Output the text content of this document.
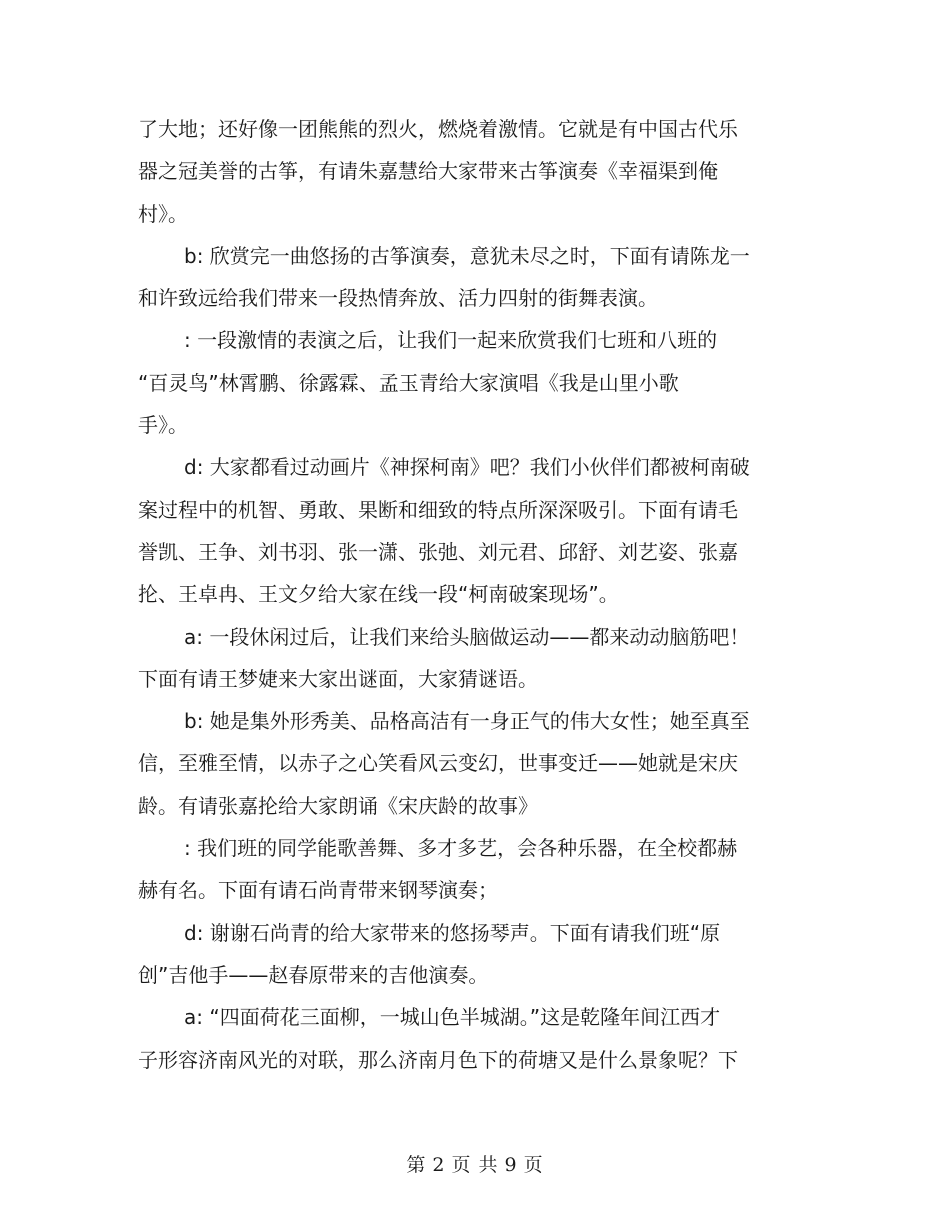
了大地；还好像一团熊熊的烈火，燃烧着激情。它就是有中国古代乐
器之冠美誉的古筝，有请朱嘉慧给大家带来古筝演奏《幸福渠到俺
村》。

b: 欣赏完一曲悠扬的古筝演奏，意犹未尽之时，下面有请陈龙一
和许致远给我们带来一段热情奔放、活力四射的街舞表演。

: 一段激情的表演之后，让我们一起来欣赏我们七班和八班的
“百灵鸟”林霄鹏、徐露霖、孟玉青给大家演唱《我是山里小歌
手》。

d: 大家都看过动画片《神探柯南》吧？我们小伙伴们都被柯南破
案过程中的机智、勇敢、果断和细致的特点所深深吸引。下面有请毛
誉凯、王争、刘书羽、张一潇、张弛、刘元君、邱舒、刘艺姿、张嘉
抡、王卓冉、王文夕给大家在线一段“柯南破案现场”。

a: 一段休闲过后，让我们来给头脑做运动——都来动动脑筋吧！
下面有请王梦婕来大家出谜面，大家猜谜语。

b: 她是集外形秀美、品格高洁有一身正气的伟大女性；她至真至
信，至雅至情，以赤子之心笑看风云变幻，世事变迁——她就是宋庆
龄。有请张嘉抡给大家朗诵《宋庆龄的故事》

: 我们班的同学能歌善舞、多才多艺，会各种乐器，在全校都赫
赫有名。下面有请石尚青带来钢琴演奏；

d: 谢谢石尚青的给大家带来的悠扬琴声。下面有请我们班“原
创”吉他手——赵春原带来的吉他演奏。

a: “四面荷花三面柳，一城山色半城湖。”这是乾隆年间江西才
子形容济南风光的对联，那么济南月色下的荷塘又是什么景象呢？下

第 2 页 共 9 页
